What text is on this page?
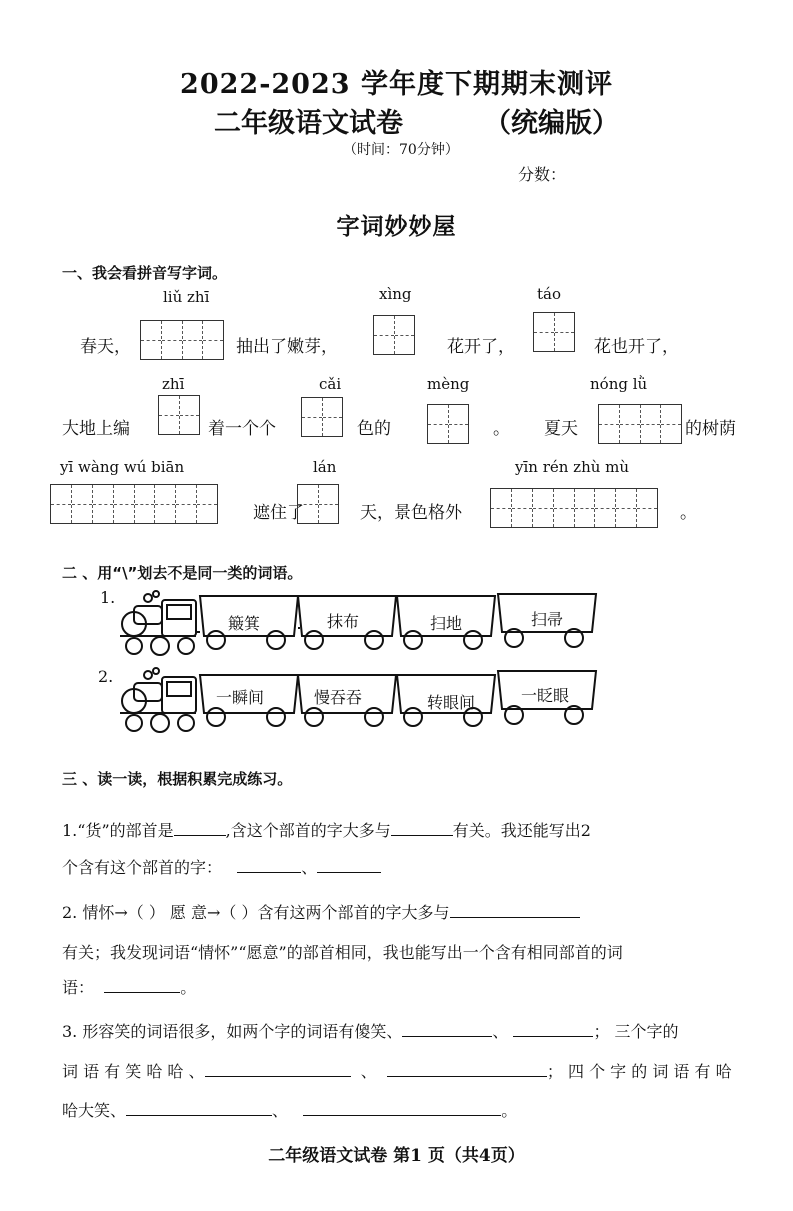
2022-2023 学年度下期期末测评
二年级语文试卷	（统编版）
（时间：70分钟）
分数：
字词妙妙屋
一、我会看拼音写字词。
liǔ zhī	xìng	táo
春天，	抽出了嫩芽，	花开了，	花也开了，
zhī	cǎi	mèng	nóng lǜ
大地上编	着一个个	色的	。 夏天	的树荫
yī wàng wú biān	lán	yīn rén zhù mù
遮住了	天，景色格外	。
二 、用“\”划去不是同一类的词语。
1.
簸箕	抹布	扫地	扫帚
2.
一瞬间	慢吞吞	转眼间	一眨眼
三 、读一读，根据积累完成练习。
1.“货”的部首是	,含这个部首的字大多与	有关。我还能写出2
个含有这个部首的字：	、
2. 情怀→（ ） 愿 意→（ ）含有这两个部首的字大多与
有关；我发现词语“情怀”“愿意”的部首相同，我也能写出一个含有相同部首的词
语：	。
3. 形容笑的词语很多，如两个字的词语有傻笑、	、	； 三个字的
词 语 有 笑 哈 哈 、	、	； 四 个 字 的 词 语 有 哈
哈大笑、	、	。
二年级语文试卷 第1 页（共4页）
